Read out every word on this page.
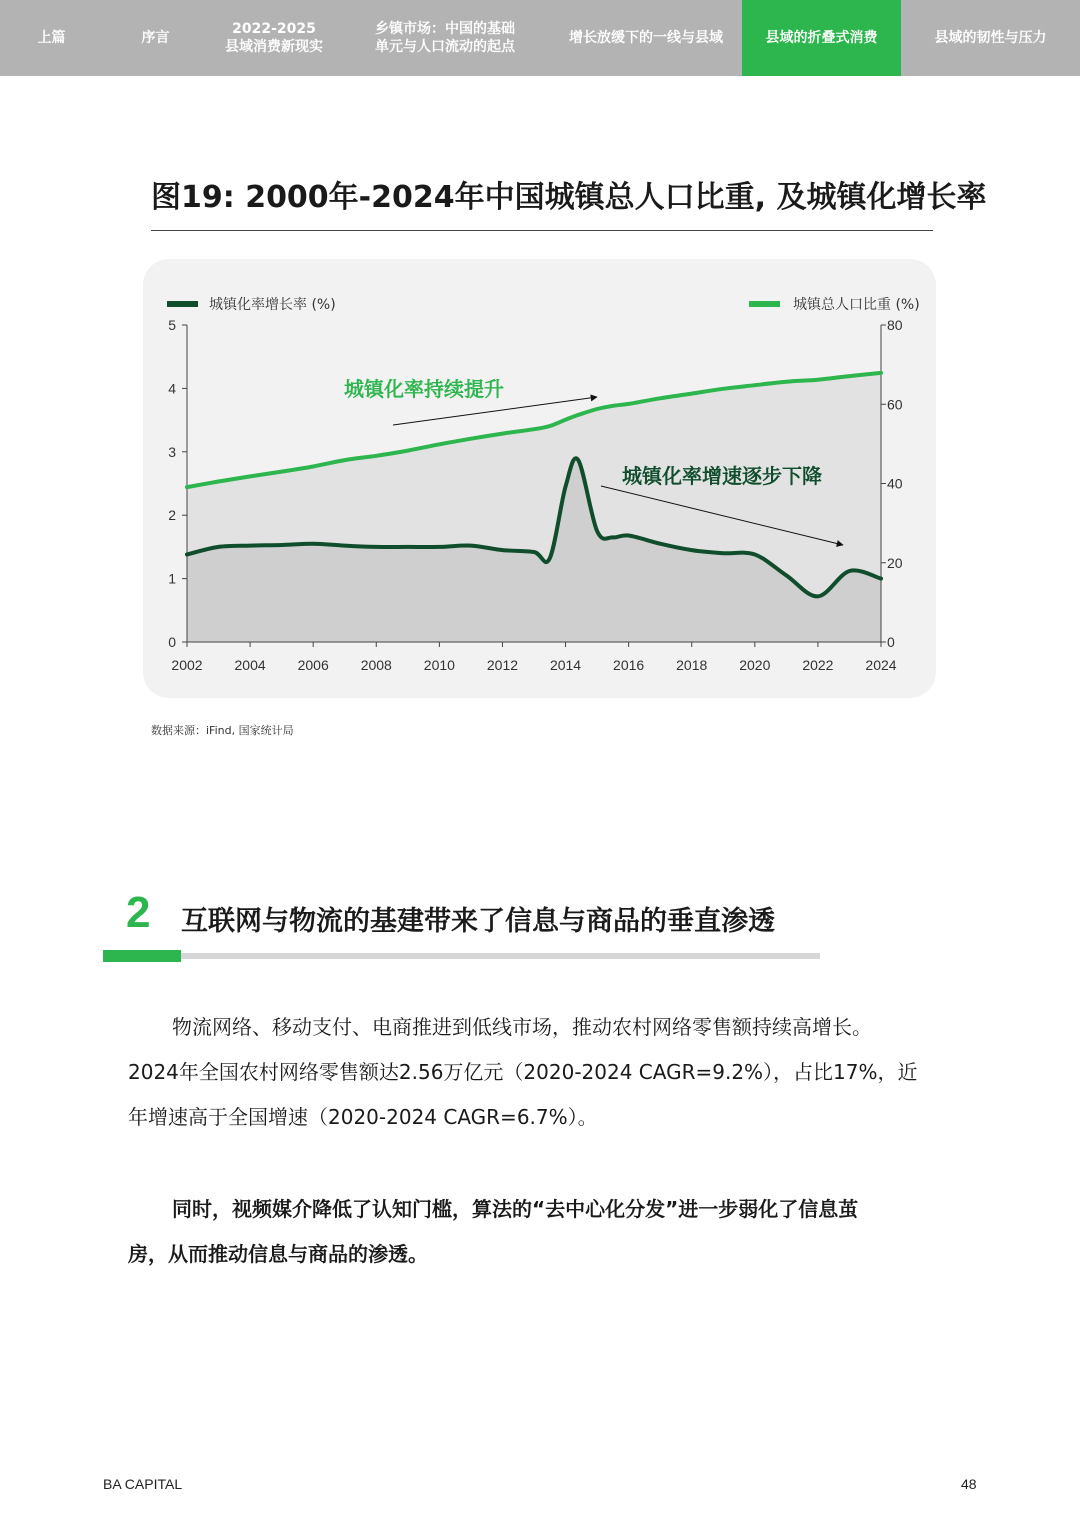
上篇	序言
2022-2025
县域消费新现实
乡镇市场：中国的基础
单元与人口流动的起点
增长放缓下的一线与县域	县域的折叠式消费	县域的韧性与压力
图19: 2000年-2024年中国城镇总人口比重, 及城镇化增长率
0
1
2
3
4
5
0
20
40
60
80
2002 2004 2006 2008 2010 2012 2014 2016 2018 2020 2022 2024
城镇化率增长率 (%)	城镇总人口比重 (%)
城镇化率持续提升
城镇化率增速逐步下降
数据来源：iFind, 国家统计局
2 互联网与物流的基建带来了信息与商品的垂直渗透
物流网络、移动支付、电商推进到低线市场，推动农村网络零售额持续高增长。
2024年全国农村网络零售额达2.56万亿元（2020-2024 CAGR=9.2%），占比17%，近
年增速高于全国增速（2020-2024 CAGR=6.7%）。
同时，视频媒介降低了认知门槛，算法的“去中心化分发”进一步弱化了信息茧
房，从而推动信息与商品的渗透。
BA CAPITAL	48
